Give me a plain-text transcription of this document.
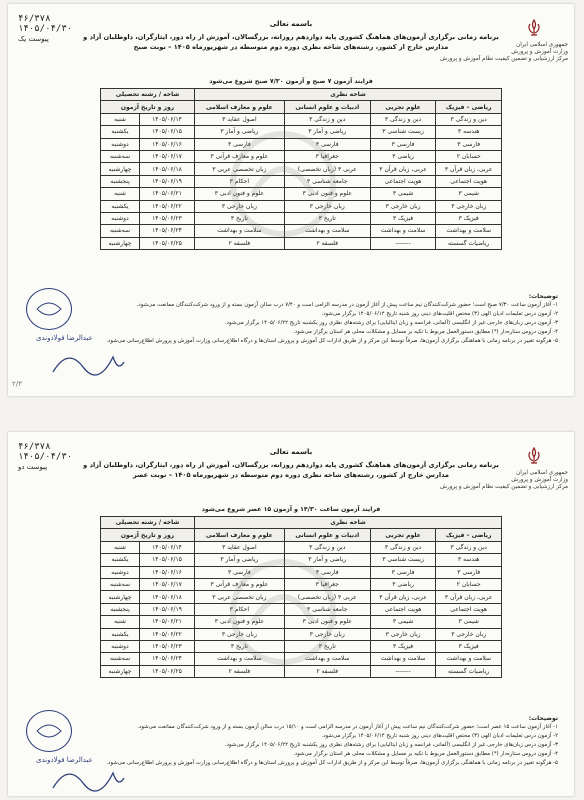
جمهوری اسلامی ایران
وزارت آموزش و پرورش
مرکز ارزشیابی و تضمین کیفیت نظام آموزش و پرورش
۴۶/۳۷۸
۱۴۰۵/۰۴/۳۰
پیوست یک
باسمه تعالی
برنامه زمانی برگزاری آزمون‌های هماهنگ کشوری پایه دوازدهم روزانه، بزرگسالان، آموزش از راه دور، ایثارگران، داوطلبان آزاد و مدارس خارج از کشور، رشته‌های شاخه نظری دوره دوم متوسطه در شهریورماه ۱۴۰۵ – نوبت صبح
فرایند آزمون ۷ صبح و آزمون ۷/۳۰ صبح شروع می‌شود
شاخه نظری				شاخه / رشته تحصیلی	
ریاضی – فیزیک	علوم تجربی	ادبیات و علوم انسانی	علوم و معارف اسلامی	روز و تاریخ آزمون	
دین و زندگی ۳	دین و زندگی ۳	دین و زندگی ۳	اصول عقاید ۳	۱۴۰۵/۰۶/۱۴	شنبه
هندسه ۳	زیست شناسی ۳	ریاضی و آمار ۳	ریاضی و آمار ۳	۱۴۰۵/۰۶/۱۵	یکشنبه
فارسی ۳	فارسی ۳	فارسی ۳	فارسی ۳	۱۴۰۵/۰۶/۱۶	دوشنبه
حسابان ۲	ریاضی ۳	جغرافیا ۳	علوم و معارف قرآنی ۳	۱۴۰۵/۰۶/۱۷	سه‌شنبه
عربی، زبان قرآن ۳	عربی، زبان قرآن ۳	عربی ۳ (زبان تخصصی)	زبان تخصصی عربی ۳	۱۴۰۵/۰۶/۱۸	چهارشنبه
هویت اجتماعی	هویت اجتماعی	جامعه شناسی ۳	احکام ۳	۱۴۰۵/۰۶/۱۹	پنجشنبه
شیمی ۳	شیمی ۳	علوم و فنون ادبی ۳	علوم و فنون ادبی ۳	۱۴۰۵/۰۶/۲۱	شنبه
زبان خارجی ۳	زبان خارجی ۳	زبان خارجی ۳	زبان خارجی ۳	۱۴۰۵/۰۶/۲۲	یکشنبه
فیزیک ۳	فیزیک ۳	تاریخ ۳	تاریخ ۳	۱۴۰۵/۰۶/۲۳	دوشنبه
سلامت و بهداشت	سلامت و بهداشت	سلامت و بهداشت	سلامت و بهداشت	۱۴۰۵/۰۶/۲۴	سه‌شنبه
ریاضیات گسسته	-------	فلسفه ۲	فلسفه ۲	۱۴۰۵/۰۶/۲۵	چهارشنبه
توضیحات:
۱- آغاز آزمون ساعت ۷/۳۰ صبح است؛ حضور شرکت‌کنندگان نیم ساعت پیش از آغاز آزمون در مدرسه الزامی است و ۷/۴۰ درب سالن آزمون بسته و از ورود شرکت‌کنندگان ممانعت می‌شود.
۲- آزمون درس تعلیمات ادیان الهی (۳) مختص اقلیت‌های دینی روز شنبه تاریخ ۱۴۰۵/۰۶/۱۴ برگزار می‌شود.
۳- آزمون درس زبان‌های خارجی غیر از انگلیسی (آلمانی، فرانسه و زبان ایتالیایی) برای رشته‌های نظری روز یکشنبه تاریخ ۱۴۰۵/۰۶/۲۲ برگزار می‌شود.
۴- آزمون دروس ستاره‌دار (*) مطابق دستورالعمل مربوط با تکیه بر مسایل و مشکلات محلی هر استان برگزار می‌شود.
۵- هرگونه تغییر در برنامه زمانی با هماهنگی برگزاری آزمون‌ها، صرفاً توسط این مرکز و از طریق ادارات کل آموزش و پرورش استان‌ها و درگاه اطلاع‌رسانی وزارت آموزش و پرورش اطلاع‌رسانی می‌شود.
عبدالرضا فولادوندی
۲/۳
جمهوری اسلامی ایران
وزارت آموزش و پرورش
مرکز ارزشیابی و تضمین کیفیت نظام آموزش و پرورش
۴۶/۳۷۸
۱۴۰۵/۰۴/۳۰
پیوست دو
باسمه تعالی
برنامه زمانی برگزاری آزمون‌های هماهنگ کشوری پایه دوازدهم روزانه، بزرگسالان، آموزش از راه دور، ایثارگران، داوطلبان آزاد و مدارس خارج از کشور، رشته‌های شاخه نظری دوره دوم متوسطه در شهریورماه ۱۴۰۵ – نوبت عصر
فرایند آزمون ساعت ۱۴/۳۰ و آزمون ۱۵ عصر شروع می‌شود
شاخه نظری				شاخه / رشته تحصیلی	
ریاضی – فیزیک	علوم تجربی	ادبیات و علوم انسانی	علوم و معارف اسلامی	روز و تاریخ آزمون	
دین و زندگی ۳	دین و زندگی ۳	دین و زندگی ۳	اصول عقاید ۳	۱۴۰۵/۰۶/۱۴	شنبه
هندسه ۳	زیست شناسی ۳	ریاضی و آمار ۳	ریاضی و آمار ۳	۱۴۰۵/۰۶/۱۵	یکشنبه
فارسی ۳	فارسی ۳	فارسی ۳	فارسی ۳	۱۴۰۵/۰۶/۱۶	دوشنبه
حسابان ۲	ریاضی ۳	جغرافیا ۳	علوم و معارف قرآنی ۳	۱۴۰۵/۰۶/۱۷	سه‌شنبه
عربی، زبان قرآن ۳	عربی، زبان قرآن ۳	عربی ۳ (زبان تخصصی)	زبان تخصصی عربی ۳	۱۴۰۵/۰۶/۱۸	چهارشنبه
هویت اجتماعی	هویت اجتماعی	جامعه شناسی ۳	احکام ۳	۱۴۰۵/۰۶/۱۹	پنجشنبه
شیمی ۳	شیمی ۳	علوم و فنون ادبی ۳	علوم و فنون ادبی ۳	۱۴۰۵/۰۶/۲۱	شنبه
زبان خارجی ۳	زبان خارجی ۳	زبان خارجی ۳	زبان خارجی ۳	۱۴۰۵/۰۶/۲۲	یکشنبه
فیزیک ۳	فیزیک ۳	تاریخ ۳	تاریخ ۳	۱۴۰۵/۰۶/۲۳	دوشنبه
سلامت و بهداشت	سلامت و بهداشت	سلامت و بهداشت	سلامت و بهداشت	۱۴۰۵/۰۶/۲۴	سه‌شنبه
ریاضیات گسسته	-------	فلسفه ۲	فلسفه ۲	۱۴۰۵/۰۶/۲۵	چهارشنبه
توضیحات:
۱- آغاز آزمون ساعت ۱۵ عصر است؛ حضور شرکت‌کنندگان نیم ساعت پیش از آغاز آزمون در مدرسه الزامی است و ۱۵/۱۰ درب سالن آزمون بسته و از ورود شرکت‌کنندگان ممانعت می‌شود.
۲- آزمون درس تعلیمات ادیان الهی (۳) مختص اقلیت‌های دینی روز شنبه تاریخ ۱۴۰۵/۰۶/۱۴ برگزار می‌شود.
۳- آزمون درس زبان‌های خارجی غیر از انگلیسی (آلمانی، فرانسه و زبان ایتالیایی) برای رشته‌های نظری روز یکشنبه تاریخ ۱۴۰۵/۰۶/۲۲ برگزار می‌شود.
۴- آزمون دروس ستاره‌دار (*) مطابق دستورالعمل مربوط با تکیه بر مسایل و مشکلات محلی هر استان برگزار می‌شود.
۵- هرگونه تغییر در برنامه زمانی با هماهنگی برگزاری آزمون‌ها، صرفاً توسط این مرکز و از طریق ادارات کل آموزش و پرورش استان‌ها و درگاه اطلاع‌رسانی وزارت آموزش و پرورش اطلاع‌رسانی می‌شود.
عبدالرضا فولادوندی
